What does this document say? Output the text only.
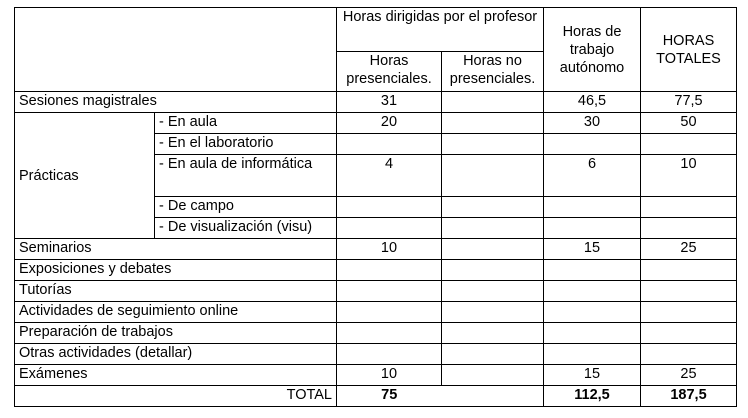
		Horas dirigidas por el profesor		Horas de trabajo autónomo	HORAS TOTALES
		Horas presenciales.	Horas no presenciales.		
Sesiones magistrales		31		46,5	77,5
Prácticas	- En aula	20		30	50
	- En el laboratorio				
	- En aula de informática	4		6	10
	- De campo				
	- De visualización (visu)				
Seminarios		10		15	25
Exposiciones y debates					
Tutorías					
Actividades de seguimiento online					
Preparación de trabajos					
Otras actividades (detallar)					
Exámenes		10		15	25
TOTAL		75		112,5	187,5
